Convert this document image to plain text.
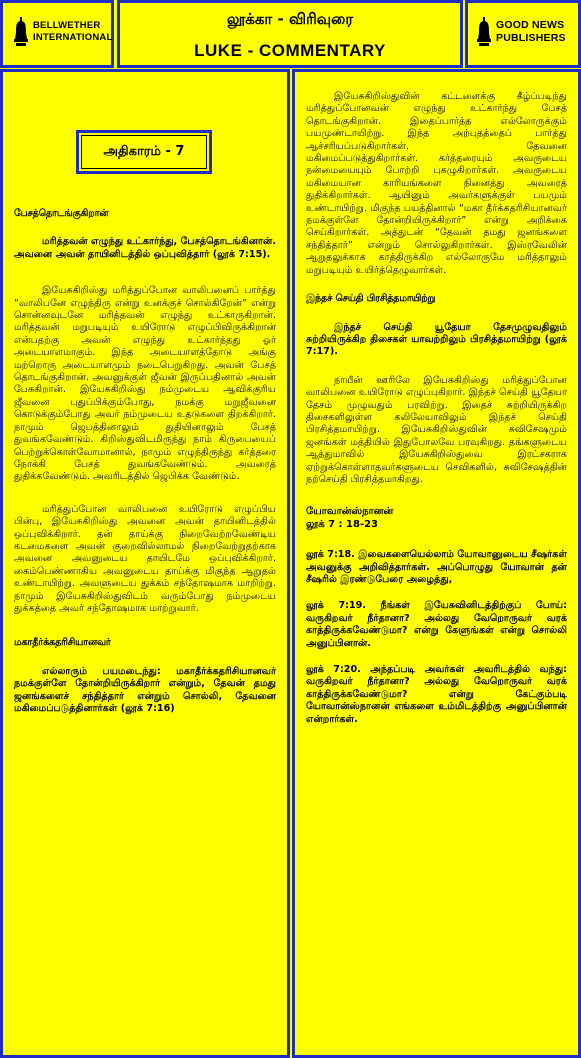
BELLWETHER
INTERNATIONAL
லூக்கா - விரிவுரை
LUKE - COMMENTARY
GOOD NEWS
PUBLISHERS
அதிகாரம் - 7

பேசத்தொடங்குகிறான்

மரித்தவன் எழுந்து உட்கார்ந்து, பேசத்தொடங்கினான். அவனை அவன் தாயினிடத்தில் ஒப்புவித்தார் (லூக் 7:15).

இயேசுகிறிஸ்து மரித்துப்போன வாலிபனைப் பார்த்து “வாலிபனே எழுந்திரு என்று உனக்குச் சொல்கிறேன்” என்று சொன்னவுடனே மரித்தவன் எழுந்து உட்காருகிறான். மரித்தவன் மறுபடியும் உயிரோடு எழுப்பிவிருக்கிறான் என்பதற்கு அவன் எழுந்து உட்கார்ந்தது ஓர் அடையாளமாகும். இந்த அடையாளத்தோடு அங்கு மற்றொரு அடையாளமும் நடைபெறுகிறது. அவன் பேசத் தொடங்குகிறான். அவனுக்குள் ஜீவன் இருப்பதினால் அவன் பேசுகிறான். இயேசுகிறிஸ்து நம்முடைய ஆவிக்குரிய ஜீவனை புதுப்பிக்கும்போது, நமக்கு மறுஜீவனை கொடுக்கும்போது அவர் நம்முடைய உதடுகளை திறக்கிறார். நாமும் ஜெபத்தினாலும் துதியினாலும் பேசத் துவங்கவேண்டும். கிறிஸ்துவிடமிருந்து நாம் கிருபையைப் பெற்றுக்கொள்வோமானால், நாமும் எழுந்திருந்து கர்த்தரை நோக்கி பேசத் துவங்கவேண்டும். அவரைத் துதிக்கவேண்டும். அவரிடத்தில் ஜெபிக்க வேண்டும்.

மரித்துப்போன வாலிபனை உயிரோடு எழுப்பிய பின்பு, இயேசுகிறிஸ்து அவனை அவன் தாயினிடத்தில் ஒப்புவிக்கிறார். தன் தாய்க்கு நிறைவேற்றவேண்டிய கடமைகளை அவன் குறைவில்லாமல் நிறைவேற்றுதற்காக அவனை அவனுடைய தாயிடமே ஒப்புவிக்கிறார். கைம்பெண்ணாகிய அவனுடைய தாய்க்கு மிகுந்த ஆறுதல் உண்டாயிற்று. அவளுடைய துக்கம் சந்தோஷமாக மாறிற்று. நாமும் இயேசுகிறிஸ்துவிடம் வரும்போது நம்முடைய துக்கத்தை அவர் சந்தோஷமாக மாற்றுவார்.

மகாதீர்க்கதரிசியானவர்

எல்லாரும் பயமடைந்து: மகாதீர்க்கதரிசியானவர் நமக்குள்ளே தோன்றியிருக்கிறார் என்றும், தேவன் தமது ஜனங்களைச் சந்தித்தார் என்றும் சொல்லி, தேவனை மகிமைப்படுத்தினார்கள் (லூக் 7:16)

இயேசுகிறிஸ்துவின் கட்டளைக்கு கீழ்ப்படிந்து மரித்துப்போனவன் எழுந்து உட்கார்ந்து பேசத் தொடங்குகிறான். இதைப்பார்த்த எல்லோருக்கும் பயமுண்டாயிற்று. இந்த அற்புதத்தைப் பார்த்து ஆச்சரியப்படுகிறார்கள். தேவனை மகிமைப்படுத்துகிறார்கள். கர்த்தரையும் அவருடைய நன்மையையும் போற்றி புகழுகிறார்கள். அவருடைய மகிமையான காரியங்களை நினைத்து அவரைத் துதிக்கிறார்கள். ஆயினும் அவர்களுக்குள் பயமும் உண்டாயிற்று. மிகுந்த பயத்தினால் “மகா தீர்க்கதரிசியானவர் நமக்குள்ளே தோன்றியிருக்கிறார்” என்று அறிக்கை செய்கிறார்கள். அத்துடன் “தேவன் தமது ஜனங்களை சந்தித்தார்” என்றும் சொல்லுகிறார்கள். இஸ்ரவேலின் ஆறுதலுக்காக காத்திருக்கிற எல்லோருமே மரித்தாலும் மறுபடியும் உயிர்த்தெழுவார்கள்.

இந்தச் செய்தி பிரசித்தமாயிற்று

இந்தச் செய்தி யூதேயா தேசமுழுவதிலும் சுற்றியிருக்கிற திசைகள் யாவற்றிலும் பிரசித்தமாயிற்று (லூக் 7:17).

நாயீன் ஊரிலே இயேசுகிறிஸ்து மரித்துப்போன வாலிபனை உயிரோடு எழுப்புகிறார். இந்தச் செய்தி யூதேயா தேசம் முழுவதும் பரவிற்று. இதைச் சுற்றியிருக்கிற திசைகளிலுள்ள கலிலேயாவிலும் இந்தச் செய்தி பிரசித்தமாயிற்று. இயேசுகிறிஸ்துவின் சுவிசேஷமும் ஜனங்கள் மத்தியில் இதுபோலவே பரவுகிறது. தங்களுடைய ஆத்துமாவில் இயேசுகிறிஸ்துவை இரட்சகராக ஏற்றுக்கொள்ளாதவர்களுடைய செவிகளில், சுவிசேஷத்தின் நற்செய்தி பிரசித்தமாகிறது.

யோவான்ஸ்நானன்
லூக் 7 : 18-23

லூக் 7:18. இவைகளையெல்லாம் யோவானுடைய சீஷர்கள் அவனுக்கு அறிவித்தார்கள். அப்பொழுது யோவான் தன் சீஷரில் இரண்டுபேரை அழைத்து,

லூக் 7:19. நீங்கள் இயேசுவினிடத்திற்குப் போய்: வருகிறவர் நீர்தானா? அல்லது வேறொருவர் வரக் காத்திருக்கவேண்டுமா? என்று கேளுங்கள் என்று சொல்லி அனுப்பினான்.

லூக் 7:20. அந்தப்படி அவர்கள் அவரிடத்தில் வந்து: வருகிறவர் நீர்தானா? அல்லது வேறொருவர் வரக் காத்திருக்கவேண்டுமா? என்று கேட்கும்படி யோவான்ஸ்நானன் எங்களை உம்மிடத்திற்கு அனுப்பினான் என்றார்கள்.
